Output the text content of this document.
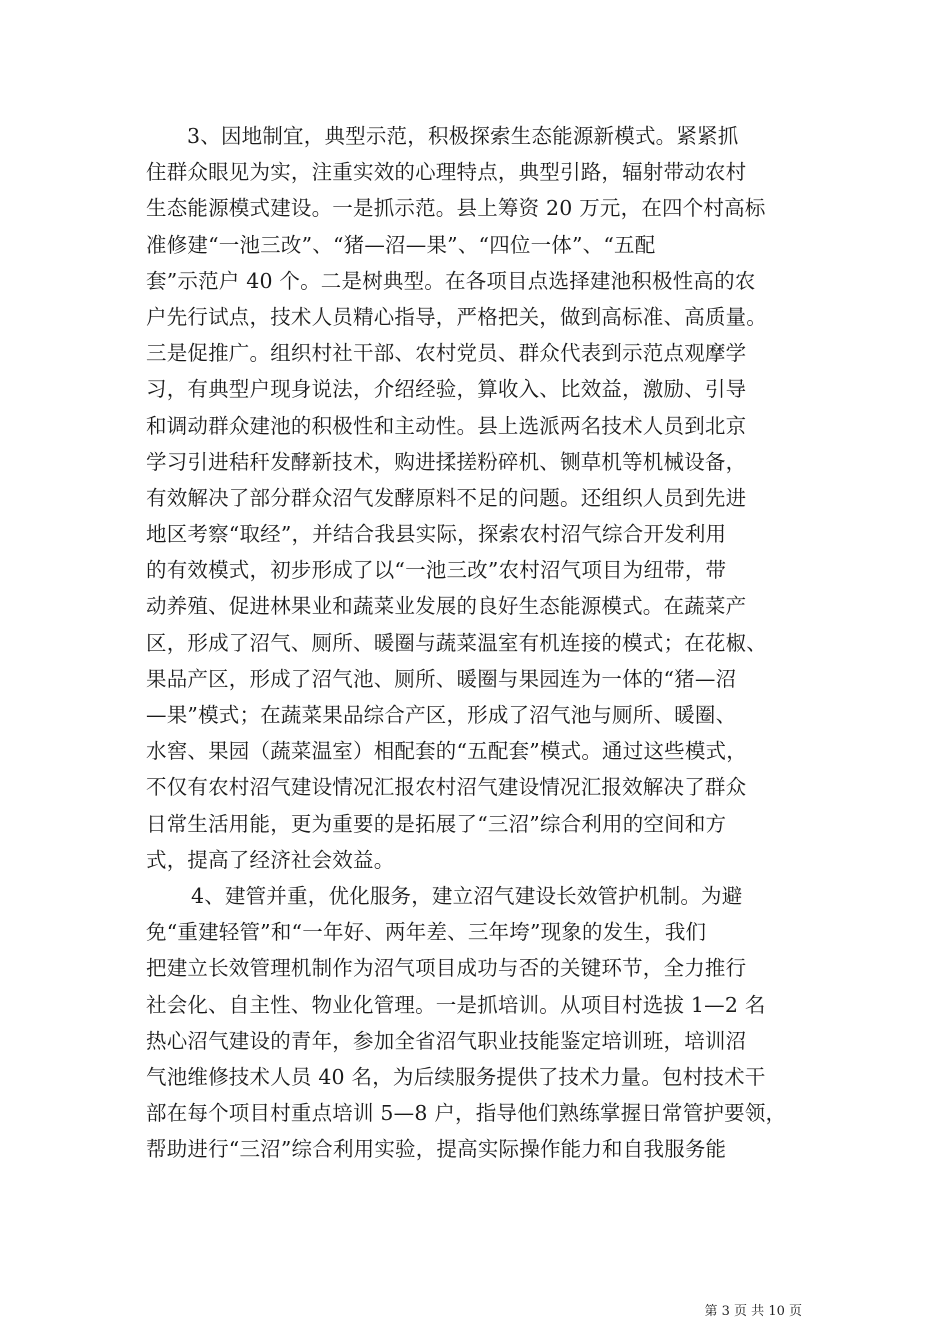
3、因地制宜，典型示范，积极探索生态能源新模式。紧紧抓
住群众眼见为实，注重实效的心理特点，典型引路，辐射带动农村
生态能源模式建设。一是抓示范。县上筹资 20 万元，在四个村高标
准修建“一池三改”、“猪—沼—果”、“四位一体”、“五配
套”示范户 40 个。二是树典型。在各项目点选择建池积极性高的农
户先行试点，技术人员精心指导，严格把关，做到高标准、高质量。
三是促推广。组织村社干部、农村党员、群众代表到示范点观摩学
习，有典型户现身说法，介绍经验，算收入、比效益，激励、引导
和调动群众建池的积极性和主动性。县上选派两名技术人员到北京
学习引进秸秆发酵新技术，购进揉搓粉碎机、铡草机等机械设备，
有效解决了部分群众沼气发酵原料不足的问题。还组织人员到先进
地区考察“取经”，并结合我县实际，探索农村沼气综合开发利用
的有效模式，初步形成了以“一池三改”农村沼气项目为纽带，带
动养殖、促进林果业和蔬菜业发展的良好生态能源模式。在蔬菜产
区，形成了沼气、厕所、暖圈与蔬菜温室有机连接的模式；在花椒、
果品产区，形成了沼气池、厕所、暖圈与果园连为一体的“猪—沼
—果”模式；在蔬菜果品综合产区，形成了沼气池与厕所、暖圈、
水窖、果园（蔬菜温室）相配套的“五配套”模式。通过这些模式，
不仅有农村沼气建设情况汇报农村沼气建设情况汇报效解决了群众
日常生活用能，更为重要的是拓展了“三沼”综合利用的空间和方
式，提高了经济社会效益。
4、建管并重，优化服务，建立沼气建设长效管护机制。为避
免“重建轻管”和“一年好、两年差、三年垮”现象的发生，我们
把建立长效管理机制作为沼气项目成功与否的关键环节，全力推行
社会化、自主性、物业化管理。一是抓培训。从项目村选拔 1—2 名
热心沼气建设的青年，参加全省沼气职业技能鉴定培训班，培训沼
气池维修技术人员 40 名，为后续服务提供了技术力量。包村技术干
部在每个项目村重点培训 5—8 户，指导他们熟练掌握日常管护要领，
帮助进行“三沼”综合利用实验，提高实际操作能力和自我服务能
第 3 页 共 10 页
